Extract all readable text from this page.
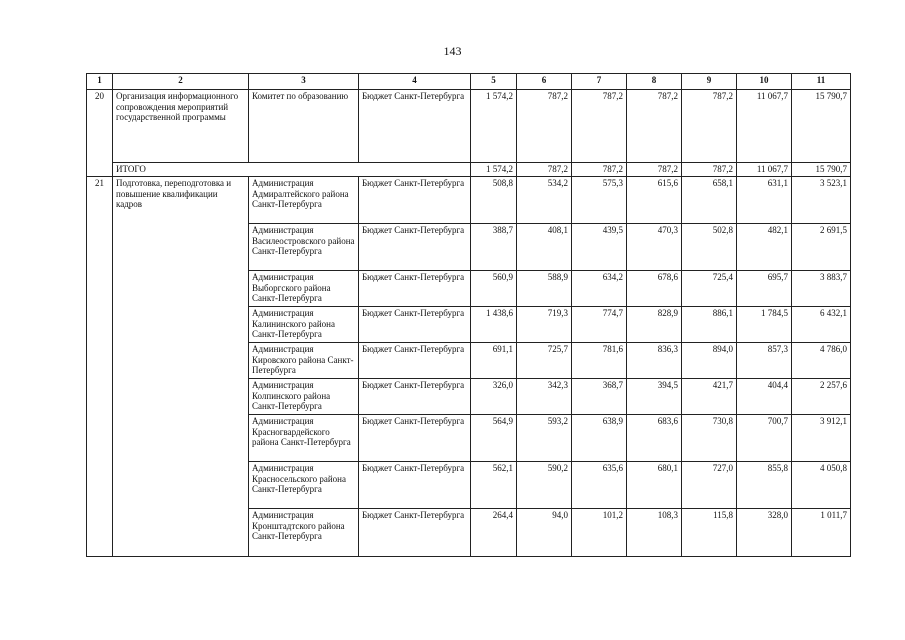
143
1	2	3	4	5	6	7	8	9	10	11
20	Организация информационного сопровождения мероприятий государственной программы	Комитет по образованию	Бюджет Санкт-Петербурга	1 574,2	787,2	787,2	787,2	787,2	11 067,7	15 790,7
	ИТОГО			1 574,2	787,2	787,2	787,2	787,2	11 067,7	15 790,7
21	Подготовка, переподготовка и повышение квалификации кадров	Администрация Адмиралтейского района Санкт-Петербурга	Бюджет Санкт-Петербурга	508,8	534,2	575,3	615,6	658,1	631,1	3 523,1
		Администрация Василеостровского района Санкт-Петербурга	Бюджет Санкт-Петербурга	388,7	408,1	439,5	470,3	502,8	482,1	2 691,5
		Администрация Выборгского района Санкт-Петербурга	Бюджет Санкт-Петербурга	560,9	588,9	634,2	678,6	725,4	695,7	3 883,7
		Администрация Калининского района Санкт-Петербурга	Бюджет Санкт-Петербурга	1 438,6	719,3	774,7	828,9	886,1	1 784,5	6 432,1
		Администрация Кировского района Санкт-Петербурга	Бюджет Санкт-Петербурга	691,1	725,7	781,6	836,3	894,0	857,3	4 786,0
		Администрация Колпинского района Санкт-Петербурга	Бюджет Санкт-Петербурга	326,0	342,3	368,7	394,5	421,7	404,4	2 257,6
		Администрация Красногвардейского района Санкт-Петербурга	Бюджет Санкт-Петербурга	564,9	593,2	638,9	683,6	730,8	700,7	3 912,1
		Администрация Красносельского района Санкт-Петербурга	Бюджет Санкт-Петербурга	562,1	590,2	635,6	680,1	727,0	855,8	4 050,8
		Администрация Кронштадтского района Санкт-Петербурга	Бюджет Санкт-Петербурга	264,4	94,0	101,2	108,3	115,8	328,0	1 011,7
